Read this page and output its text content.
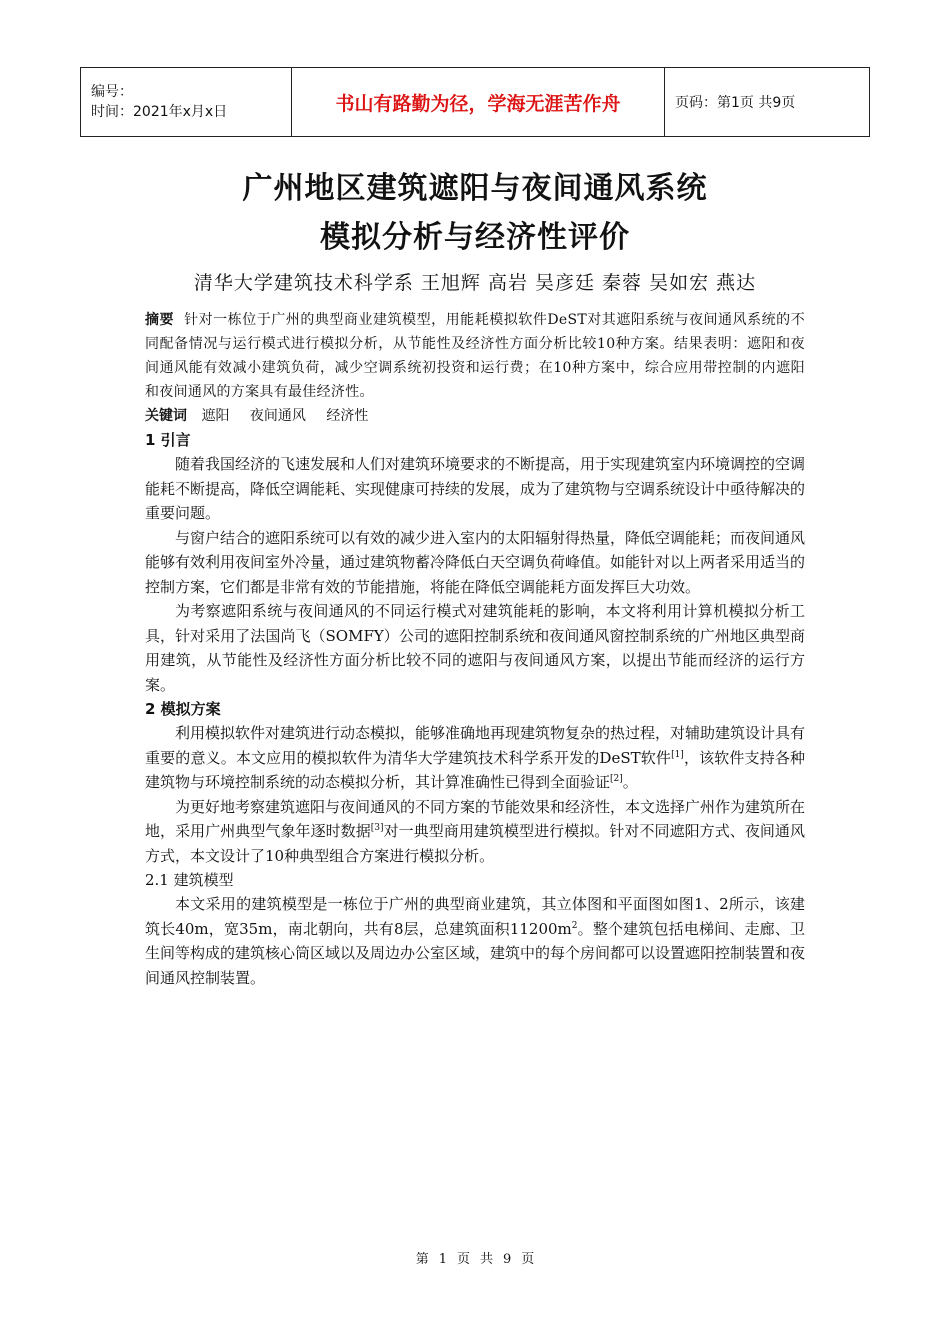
编号：
时间：2021年x月x日	书山有路勤为径，学海无涯苦作舟	页码：第1页 共9页
广州地区建筑遮阳与夜间通风系统
模拟分析与经济性评价
清华大学建筑技术科学系 王旭辉 高岩 吴彦廷 秦蓉 吴如宏 燕达

摘要 针对一栋位于广州的典型商业建筑模型，用能耗模拟软件DeST对其遮阳系统与夜间通风系统的不同配备情况与运行模式进行模拟分析，从节能性及经济性方面分析比较10种方案。结果表明：遮阳和夜间通风能有效减小建筑负荷，减少空调系统初投资和运行费；在10种方案中，综合应用带控制的内遮阳和夜间通风的方案具有最佳经济性。

关键词 遮阳 夜间通风 经济性

1 引言

随着我国经济的飞速发展和人们对建筑环境要求的不断提高，用于实现建筑室内环境调控的空调能耗不断提高，降低空调能耗、实现健康可持续的发展，成为了建筑物与空调系统设计中亟待解决的重要问题。

与窗户结合的遮阳系统可以有效的减少进入室内的太阳辐射得热量，降低空调能耗；而夜间通风能够有效利用夜间室外冷量，通过建筑物蓄冷降低白天空调负荷峰值。如能针对以上两者采用适当的控制方案，它们都是非常有效的节能措施，将能在降低空调能耗方面发挥巨大功效。

为考察遮阳系统与夜间通风的不同运行模式对建筑能耗的影响，本文将利用计算机模拟分析工具，针对采用了法国尚飞（SOMFY）公司的遮阳控制系统和夜间通风窗控制系统的广州地区典型商用建筑，从节能性及经济性方面分析比较不同的遮阳与夜间通风方案，以提出节能而经济的运行方案。

2 模拟方案

利用模拟软件对建筑进行动态模拟，能够准确地再现建筑物复杂的热过程，对辅助建筑设计具有重要的意义。本文应用的模拟软件为清华大学建筑技术科学系开发的DeST软件[1]，该软件支持各种建筑物与环境控制系统的动态模拟分析，其计算准确性已得到全面验证[2]。

为更好地考察建筑遮阳与夜间通风的不同方案的节能效果和经济性，本文选择广州作为建筑所在地，采用广州典型气象年逐时数据[3]对一典型商用建筑模型进行模拟。针对不同遮阳方式、夜间通风方式，本文设计了10种典型组合方案进行模拟分析。

2.1 建筑模型

本文采用的建筑模型是一栋位于广州的典型商业建筑，其立体图和平面图如图1、2所示，该建筑长40m，宽35m，南北朝向，共有8层，总建筑面积$11200m^2$。整个建筑包括电梯间、走廊、卫生间等构成的建筑核心筒区域以及周边办公室区域，建筑中的每个房间都可以设置遮阳控制装置和夜间通风控制装置。

第 1 页 共 9 页
